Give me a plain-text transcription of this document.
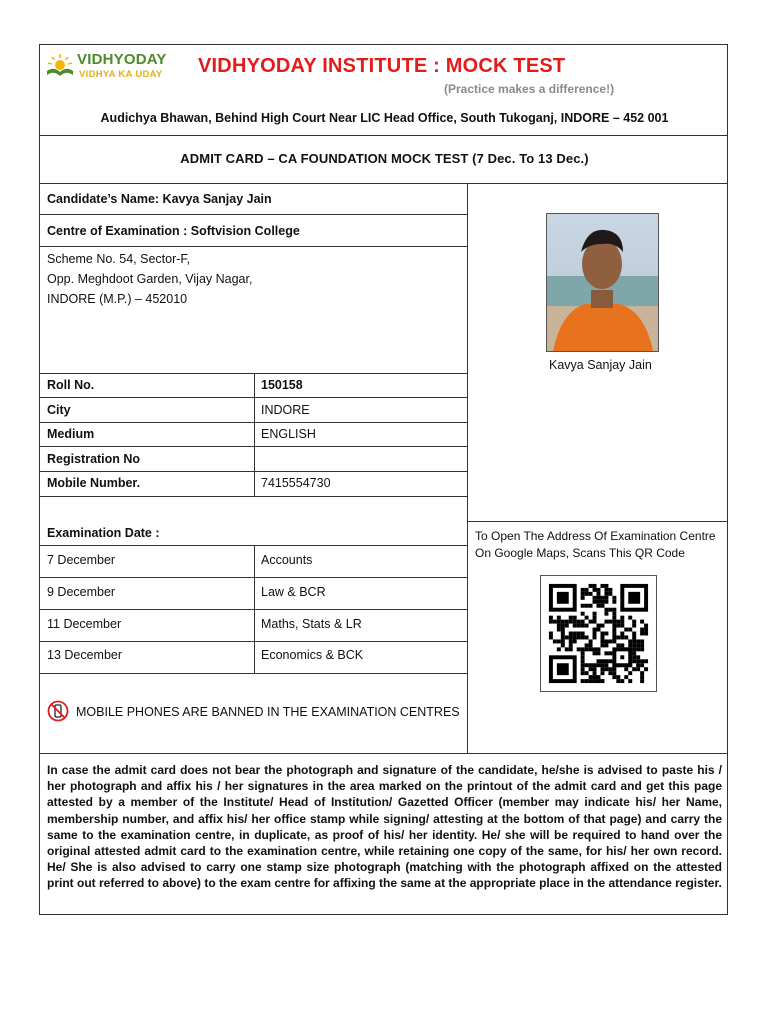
VIDHYODAY
VIDHYA KA UDAY VIDHYODAY INSTITUTE : MOCK TEST
(Practice makes a difference!)
Audichya Bhawan, Behind High Court Near LIC Head Office, South Tukoganj, INDORE – 452 001
ADMIT CARD – CA FOUNDATION MOCK TEST (7 Dec. To 13 Dec.)
Candidate’s Name: Kavya Sanjay Jain
Centre of Examination : Softvision College
Scheme No. 54, Sector-F,
Opp. Meghdoot Garden, Vijay Nagar,
INDORE (M.P.) – 452010
Roll No.	150158
City	INDORE
Medium	ENGLISH
Registration No
Mobile Number.	7415554730
Examination Date :
7 December	Accounts
9 December	Law & BCR
11 December	Maths, Stats & LR
13 December	Economics & BCK
MOBILE PHONES ARE BANNED IN THE EXAMINATION CENTRES
Kavya Sanjay Jain
To Open The Address Of Examination Centre On Google Maps, Scans This QR Code
In case the admit card does not bear the photograph and signature of the candidate, he/she is advised to paste his / her photograph and affix his / her signatures in the area marked on the printout of the admit card and get this page attested by a member of the Institute/ Head of Institution/ Gazetted Officer (member may indicate his/ her Name, membership number, and affix his/ her office stamp while signing/ attesting at the bottom of that page) and carry the same to the examination centre, in duplicate, as proof of his/ her identity. He/ she will be required to hand over the original attested admit card to the examination centre, while retaining one copy of the same, for his/ her own record. He/ She is also advised to carry one stamp size photograph (matching with the photograph affixed on the attested print out referred to above) to the exam centre for affixing the same at the appropriate place in the attendance register.
